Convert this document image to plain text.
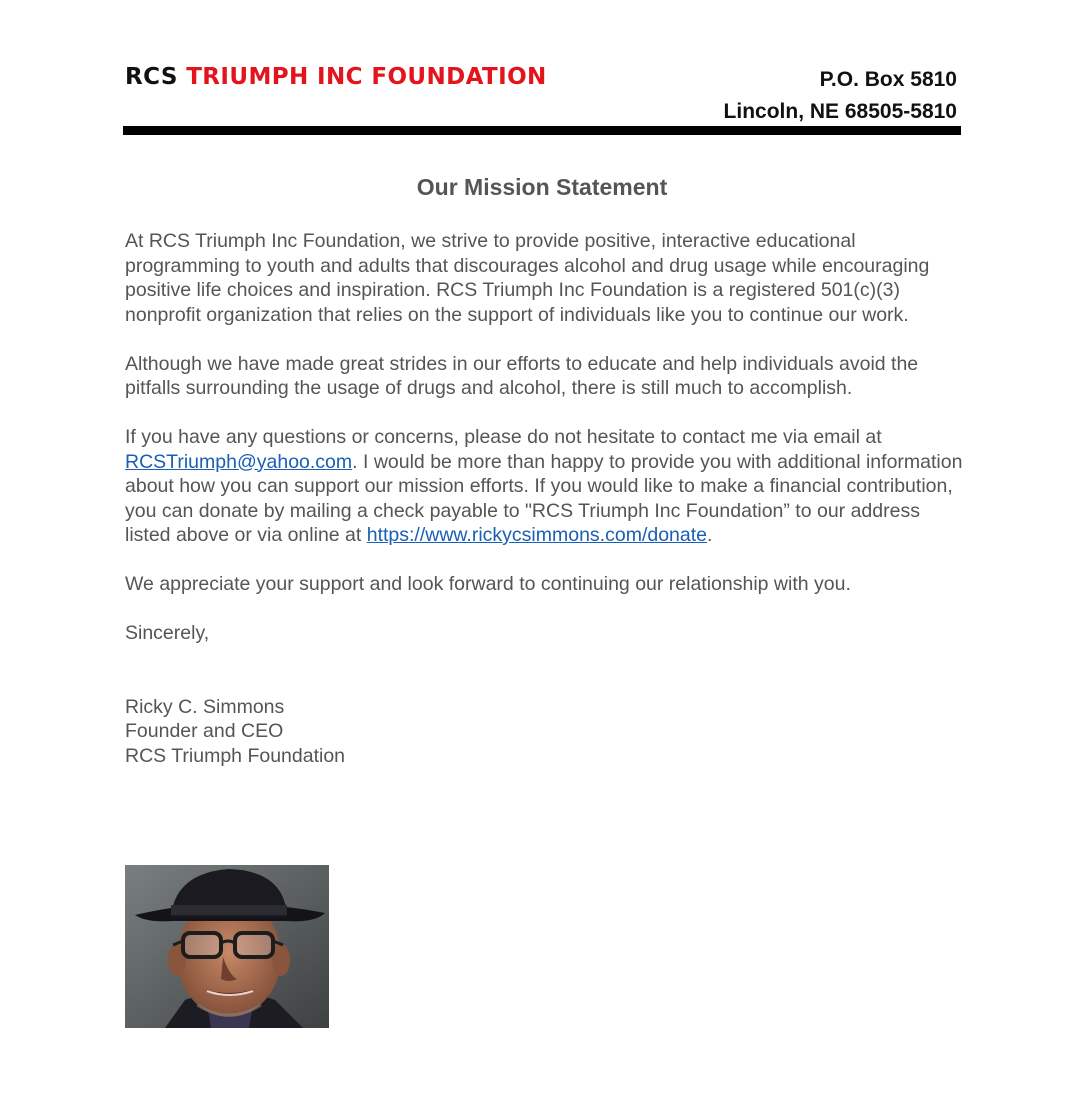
RCS TRIUMPH INC FOUNDATION	P.O. Box 5810
Lincoln, NE 68505-5810
Our Mission Statement

At RCS Triumph Inc Foundation, we strive to provide positive, interactive educational programming to youth and adults that discourages alcohol and drug usage while encouraging positive life choices and inspiration. RCS Triumph Inc Foundation is a registered 501(c)(3) nonprofit organization that relies on the support of individuals like you to continue our work.

Although we have made great strides in our efforts to educate and help individuals avoid the pitfalls surrounding the usage of drugs and alcohol, there is still much to accomplish.

If you have any questions or concerns, please do not hesitate to contact me via email at RCSTriumph@yahoo.com. I would be more than happy to provide you with additional information about how you can support our mission efforts. If you would like to make a financial contribution, you can donate by mailing a check payable to "RCS Triumph Inc Foundation” to our address listed above or via online at https://www.rickycsimmons.com/donate.

We appreciate your support and look forward to continuing our relationship with you.

Sincerely,

Ricky C. Simmons
Founder and CEO
RCS Triumph Foundation
